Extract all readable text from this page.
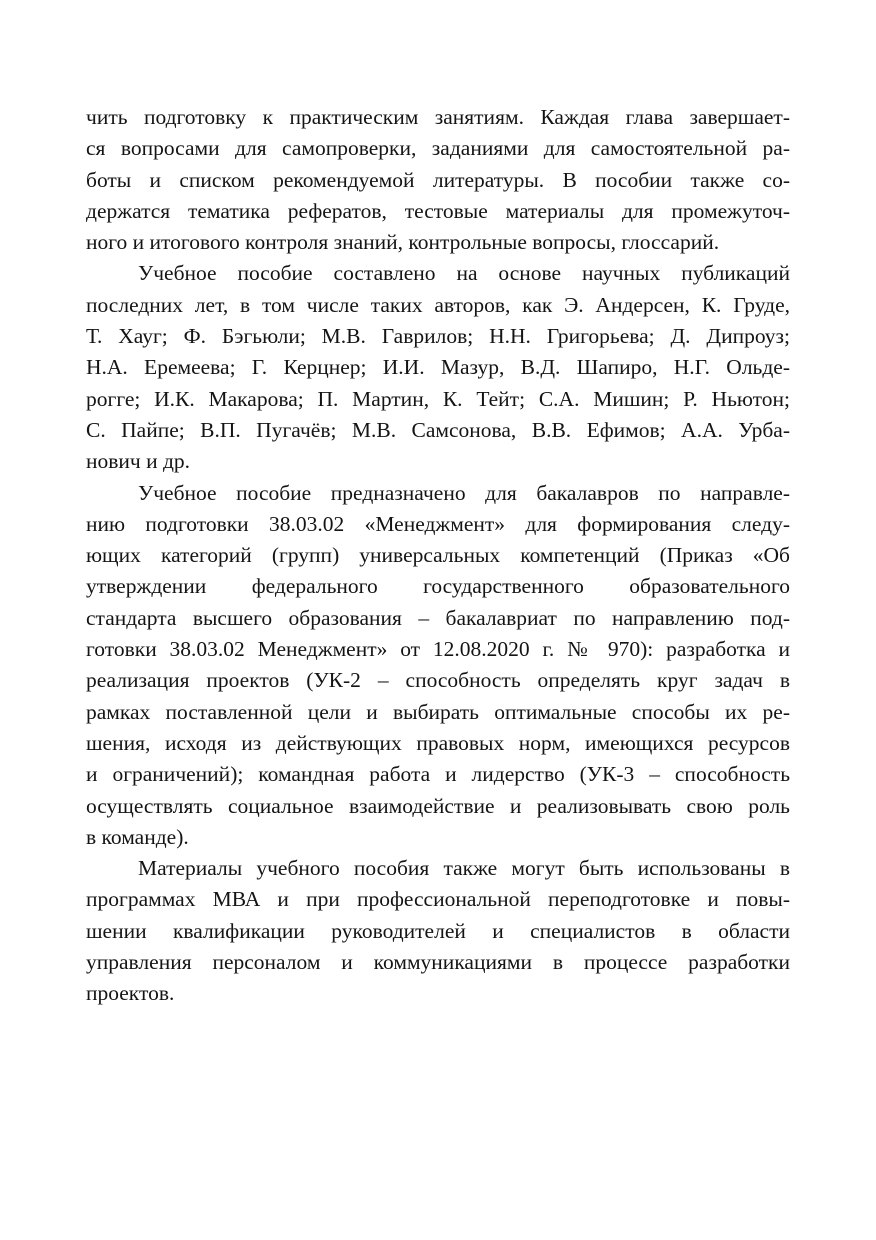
чить подготовку к практическим занятиям. Каждая глава завершает-
ся вопросами для самопроверки, заданиями для самостоятельной ра-
боты и списком рекомендуемой литературы. В пособии также со-
держатся тематика рефератов, тестовые материалы для промежуточ-
ного и итогового контроля знаний, контрольные вопросы, глоссарий.
Учебное пособие составлено на основе научных публикаций
последних лет, в том числе таких авторов, как Э. Андерсен, К. Груде,
Т. Хауг; Ф. Бэгьюли; М.В. Гаврилов; Н.Н. Григорьева; Д. Дипроуз;
Н.А. Еремеева; Г. Керцнер; И.И. Мазур, В.Д. Шапиро, Н.Г. Ольде-
рогге; И.К. Макарова; П. Мартин, К. Тейт; С.А. Мишин; Р. Ньютон;
С. Пайпе; В.П. Пугачёв; М.В. Самсонова, В.В. Ефимов; А.А. Урба-
нович и др.
Учебное пособие предназначено для бакалавров по направле-
нию подготовки 38.03.02 «Менеджмент» для формирования следу-
ющих категорий (групп) универсальных компетенций (Приказ «Об
утверждении федерального государственного образовательного
стандарта высшего образования – бакалавриат по направлению под-
готовки 38.03.02 Менеджмент» от 12.08.2020 г. № 970): разработка и
реализация проектов (УК-2 – способность определять круг задач в
рамках поставленной цели и выбирать оптимальные способы их ре-
шения, исходя из действующих правовых норм, имеющихся ресурсов
и ограничений); командная работа и лидерство (УК-3 – способность
осуществлять социальное взаимодействие и реализовывать свою роль
в команде).
Материалы учебного пособия также могут быть использованы в
программах МВА и при профессиональной переподготовке и повы-
шении квалификации руководителей и специалистов в области
управления персоналом и коммуникациями в процессе разработки
проектов.
